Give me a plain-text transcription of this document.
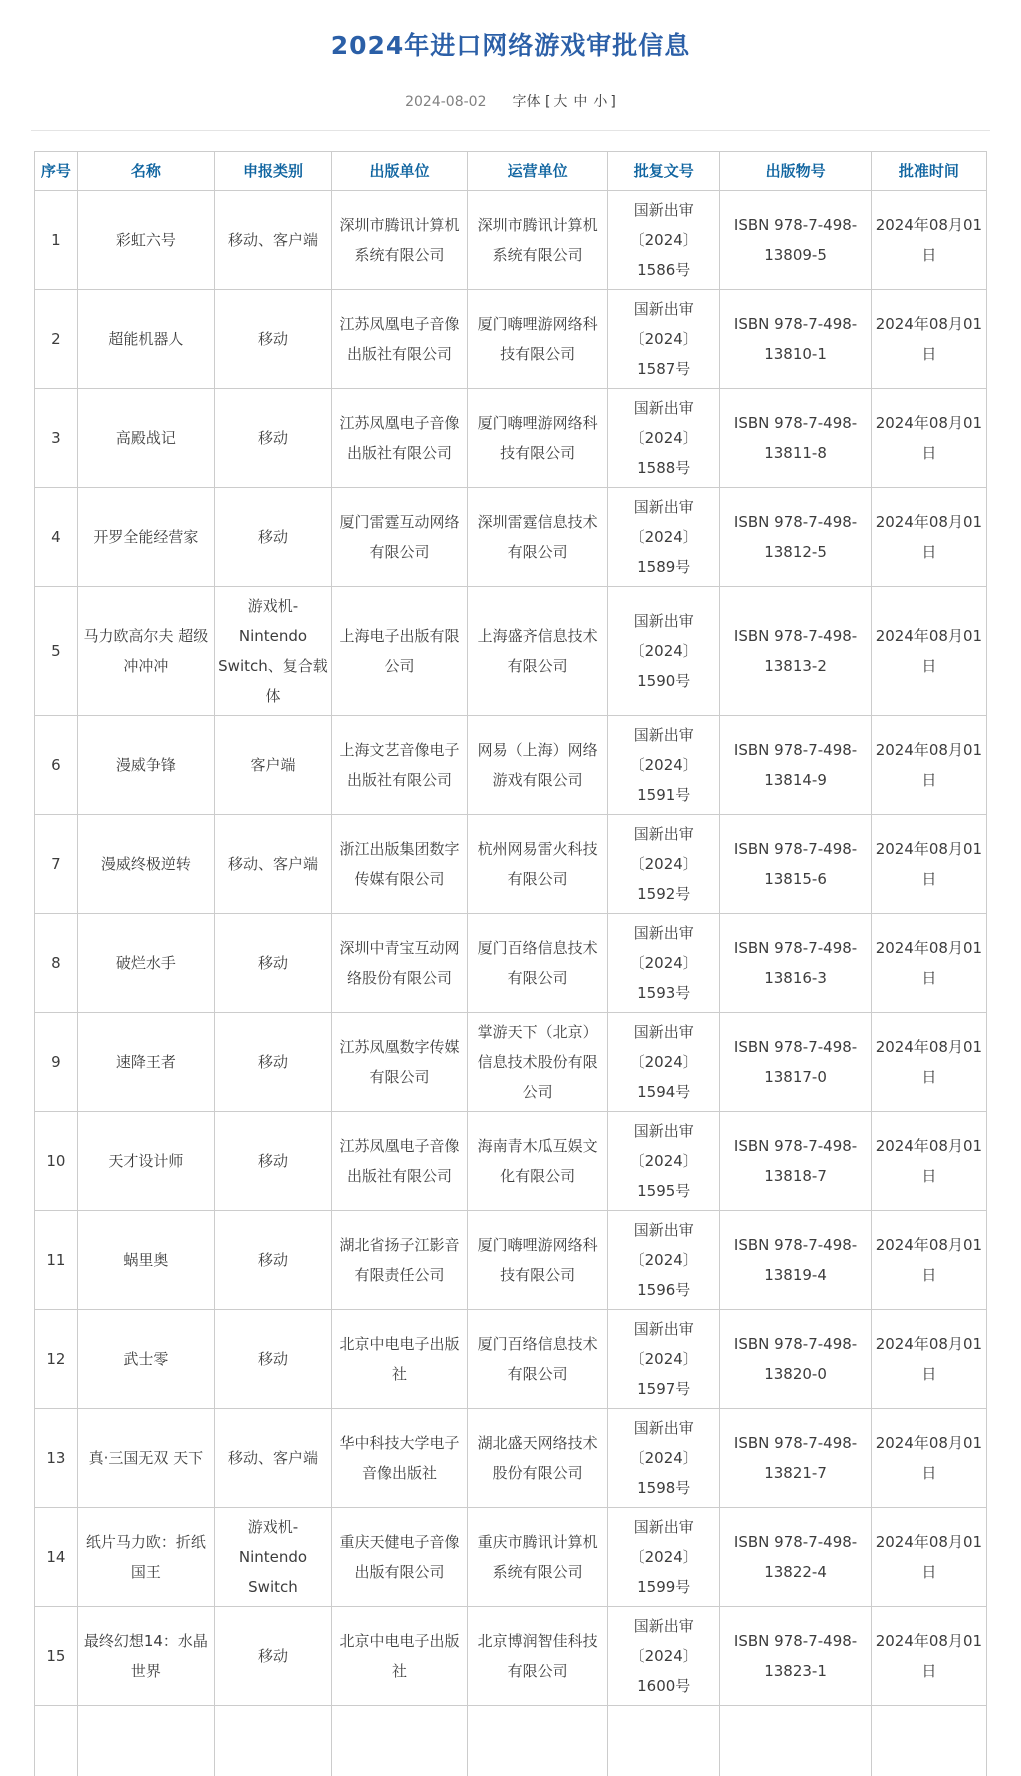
2024年进口网络游戏审批信息
2024-08-02 字体 [ 大 中 小 ]
序号	名称	申报类别	出版单位	运营单位	批复文号	出版物号	批准时间
1	彩虹六号	移动、客户端	深圳市腾讯计算机系统有限公司	深圳市腾讯计算机系统有限公司	国新出审〔2024〕1586号	ISBN 978-7-498-13809-5	2024年08月01日
2	超能机器人	移动	江苏凤凰电子音像出版社有限公司	厦门嗨哩游网络科技有限公司	国新出审〔2024〕1587号	ISBN 978-7-498-13810-1	2024年08月01日
3	高殿战记	移动	江苏凤凰电子音像出版社有限公司	厦门嗨哩游网络科技有限公司	国新出审〔2024〕1588号	ISBN 978-7-498-13811-8	2024年08月01日
4	开罗全能经营家	移动	厦门雷霆互动网络有限公司	深圳雷霆信息技术有限公司	国新出审〔2024〕1589号	ISBN 978-7-498-13812-5	2024年08月01日
5	马力欧高尔夫 超级冲冲冲	游戏机-Nintendo Switch、复合载体	上海电子出版有限公司	上海盛齐信息技术有限公司	国新出审〔2024〕1590号	ISBN 978-7-498-13813-2	2024年08月01日
6	漫威争锋	客户端	上海文艺音像电子出版社有限公司	网易（上海）网络游戏有限公司	国新出审〔2024〕1591号	ISBN 978-7-498-13814-9	2024年08月01日
7	漫威终极逆转	移动、客户端	浙江出版集团数字传媒有限公司	杭州网易雷火科技有限公司	国新出审〔2024〕1592号	ISBN 978-7-498-13815-6	2024年08月01日
8	破烂水手	移动	深圳中青宝互动网络股份有限公司	厦门百络信息技术有限公司	国新出审〔2024〕1593号	ISBN 978-7-498-13816-3	2024年08月01日
9	速降王者	移动	江苏凤凰数字传媒有限公司	掌游天下（北京）信息技术股份有限公司	国新出审〔2024〕1594号	ISBN 978-7-498-13817-0	2024年08月01日
10	天才设计师	移动	江苏凤凰电子音像出版社有限公司	海南青木瓜互娱文化有限公司	国新出审〔2024〕1595号	ISBN 978-7-498-13818-7	2024年08月01日
11	蜗里奥	移动	湖北省扬子江影音有限责任公司	厦门嗨哩游网络科技有限公司	国新出审〔2024〕1596号	ISBN 978-7-498-13819-4	2024年08月01日
12	武士零	移动	北京中电电子出版社	厦门百络信息技术有限公司	国新出审〔2024〕1597号	ISBN 978-7-498-13820-0	2024年08月01日
13	真·三国无双 天下	移动、客户端	华中科技大学电子音像出版社	湖北盛天网络技术股份有限公司	国新出审〔2024〕1598号	ISBN 978-7-498-13821-7	2024年08月01日
14	纸片马力欧：折纸国王	游戏机-Nintendo Switch	重庆天健电子音像出版有限公司	重庆市腾讯计算机系统有限公司	国新出审〔2024〕1599号	ISBN 978-7-498-13822-4	2024年08月01日
15	最终幻想14：水晶世界	移动	北京中电电子出版社	北京博润智佳科技有限公司	国新出审〔2024〕1600号	ISBN 978-7-498-13823-1	2024年08月01日
